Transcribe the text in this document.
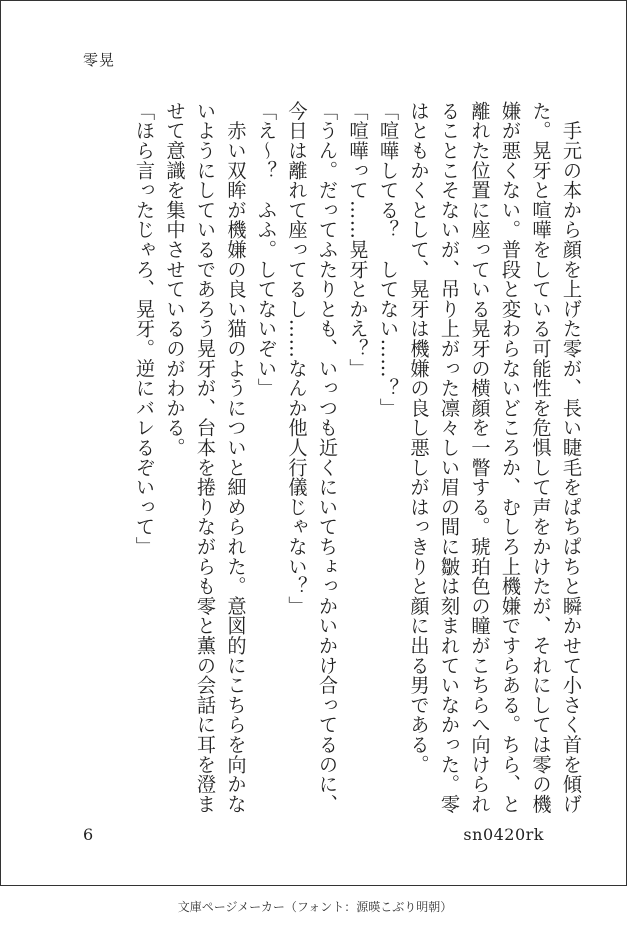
零晃
　手元の本から顔を上げた零が、長い睫毛をぱちぱちと瞬かせて小さく首を傾げ
た。晃牙と喧嘩をしている可能性を危惧して声をかけたが、それにしては零の機
嫌が悪くない。普段と変わらないどころか、むしろ上機嫌ですらある。ちら、と
離れた位置に座っている晃牙の横顔を一瞥する。琥珀色の瞳がこちらへ向けられ
ることこそないが、吊り上がった凛々しい眉の間に皺は刻まれていなかった。零
はともかくとして、晃牙は機嫌の良し悪しがはっきりと顔に出る男である。
「喧嘩してる？　してない……？」
「喧嘩って……晃牙とかえ？」
「うん。だってふたりとも、いっつも近くにいてちょっかいかけ合ってるのに、
今日は離れて座ってるし……なんか他人行儀じゃない？」
「え〜？　ふふ。してないぞい」
　赤い双眸が機嫌の良い猫のようについと細められた。意図的にこちらを向かな
いようにしているであろう晃牙が、台本を捲りながらも零と薫の会話に耳を澄ま
せて意識を集中させているのがわかる。
「ほら言ったじゃろ、晃牙。逆にバレるぞいって」
6	sn0420rk
文庫ページメーカー（フォント：源暎こぶり明朝）
